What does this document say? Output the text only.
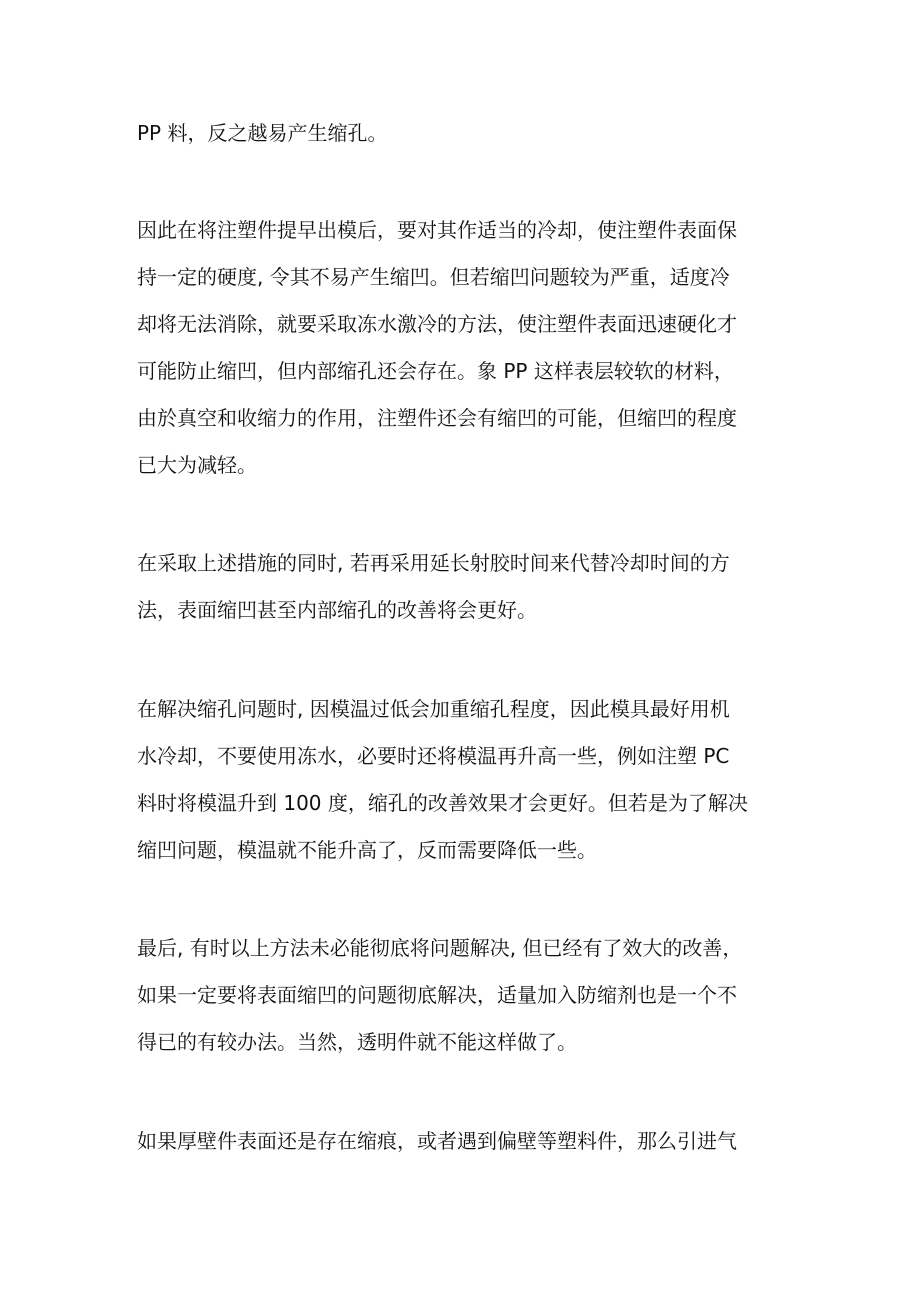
PP 料，反之越易产生缩孔。
因此在将注塑件提早出模后，要对其作适当的冷却，使注塑件表面保
持一定的硬度, 令其不易产生缩凹。但若缩凹问题较为严重，适度冷
却将无法消除，就要采取冻水激冷的方法，使注塑件表面迅速硬化才
可能防止缩凹，但内部缩孔还会存在。象 PP 这样表层较软的材料，
由於真空和收缩力的作用，注塑件还会有缩凹的可能，但缩凹的程度
已大为减轻。
在采取上述措施的同时, 若再采用延长射胶时间来代替冷却时间的方
法，表面缩凹甚至内部缩孔的改善将会更好。
在解决缩孔问题时, 因模温过低会加重缩孔程度，因此模具最好用机
水冷却，不要使用冻水，必要时还将模温再升高一些，例如注塑 PC
料时将模温升到 100 度，缩孔的改善效果才会更好。但若是为了解决
缩凹问题，模温就不能升高了，反而需要降低一些。
最后, 有时以上方法未必能彻底将问题解决, 但已经有了效大的改善，
如果一定要将表面缩凹的问题彻底解决，适量加入防缩剂也是一个不
得已的有较办法。当然，透明件就不能这样做了。
如果厚壁件表面还是存在缩痕，或者遇到偏壁等塑料件，那么引进气
